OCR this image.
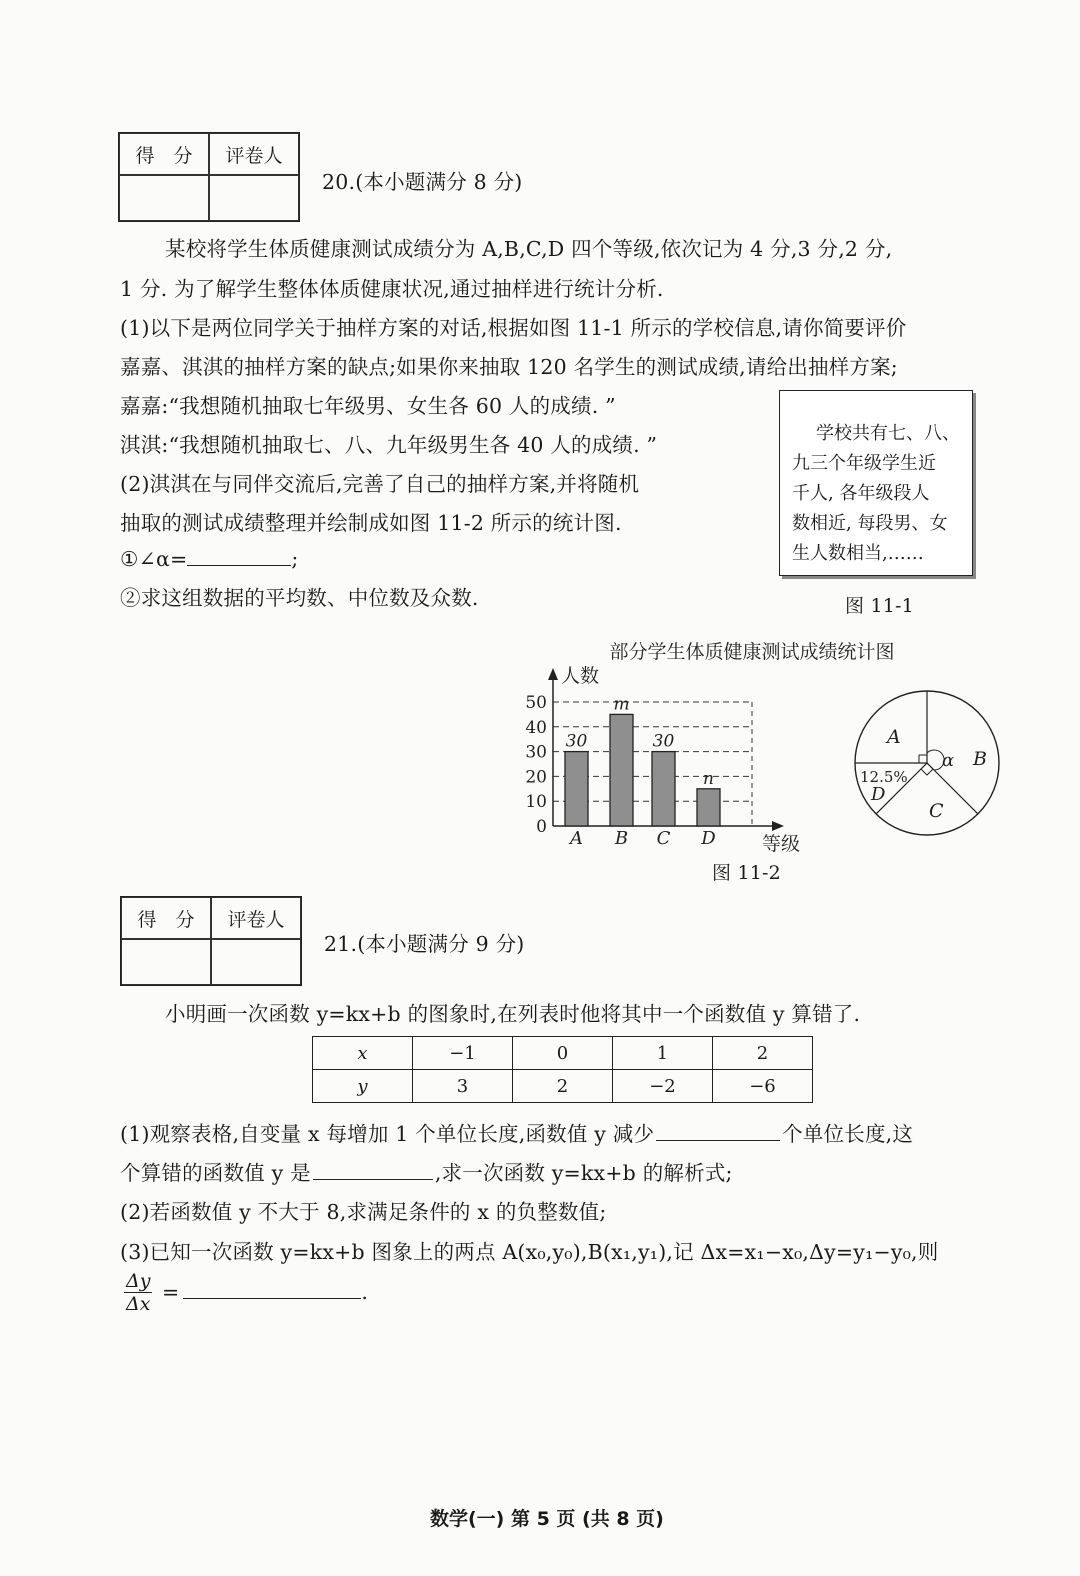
得　分	评卷人
20.(本小题满分 8 分)
某校将学生体质健康测试成绩分为 A,B,C,D 四个等级,依次记为 4 分,3 分,2 分,
1 分. 为了解学生整体体质健康状况,通过抽样进行统计分析.
(1)以下是两位同学关于抽样方案的对话,根据如图 11-1 所示的学校信息,请你简要评价
嘉嘉、淇淇的抽样方案的缺点;如果你来抽取 120 名学生的测试成绩,请给出抽样方案;
嘉嘉:“我想随机抽取七年级男、女生各 60 人的成绩. ”
淇淇:“我想随机抽取七、八、九年级男生各 40 人的成绩. ”
(2)淇淇在与同伴交流后,完善了自己的抽样方案,并将随机
抽取的测试成绩整理并绘制成如图 11-2 所示的统计图.
①∠α=	;
②求这组数据的平均数、中位数及众数.
学校共有七、八、
九三个年级学生近
千人, 各年级段人
数相近, 每段男、女
生人数相当,……
图 11-1
部分学生体质健康测试成绩统计图
0
10
20
30
40
50
人数
等级
30
A
m
B
30
C
n
D
A
B
C
D
12.5%
α
图 11-2
得　分	评卷人
21.(本小题满分 9 分)
小明画一次函数 y=kx+b 的图象时,在列表时他将其中一个函数值 y 算错了.
x	−1	0	1	2
y	3	2	−2	−6
(1)观察表格,自变量 x 每增加 1 个单位长度,函数值 y 减少	个单位长度,这
个算错的函数值 y 是	,求一次函数 y=kx+b 的解析式;
(2)若函数值 y 不大于 8,求满足条件的 x 的负整数值;
(3)已知一次函数 y=kx+b 图象上的两点 A(x₀,y₀),B(x₁,y₁),记 Δx=x₁−x₀,Δy=y₁−y₀,则
$\frac{\Delta y}{\Delta x}$ =	.
数学(一) 第 5 页 (共 8 页)
